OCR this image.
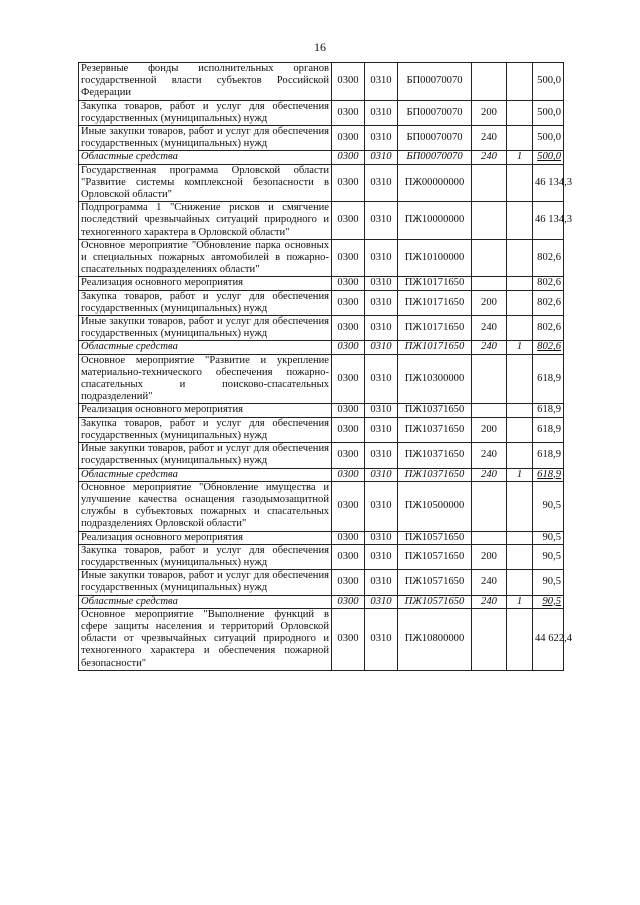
16
Резервные фонды исполнительных органов государственной власти субъектов Российской Федерации	0300	0310	БП00070070			500,0
Закупка товаров, работ и услуг для обеспечения государственных (муниципальных) нужд	0300	0310	БП00070070	200		500,0
Иные закупки товаров, работ и услуг для обеспечения государственных (муниципальных) нужд	0300	0310	БП00070070	240		500,0
Областные средства	0300	0310	БП00070070	240	1	500,0
Государственная программа Орловской области "Развитие системы комплексной безопасности в Орловской области"	0300	0310	ПЖ00000000			46 134,3
Подпрограмма 1 "Снижение рисков и смягчение последствий чрезвычайных ситуаций природного и техногенного характера в Орловской области"	0300	0310	ПЖ10000000			46 134,3
Основное мероприятие "Обновление парка основных и специальных пожарных автомобилей в пожарно-спасательных подразделениях области"	0300	0310	ПЖ10100000			802,6
Реализация основного мероприятия	0300	0310	ПЖ10171650			802,6
Закупка товаров, работ и услуг для обеспечения государственных (муниципальных) нужд	0300	0310	ПЖ10171650	200		802,6
Иные закупки товаров, работ и услуг для обеспечения государственных (муниципальных) нужд	0300	0310	ПЖ10171650	240		802,6
Областные средства	0300	0310	ПЖ10171650	240	1	802,6
Основное мероприятие "Развитие и укрепление материально-технического обеспечения пожарно-спасательных и поисково-спасательных подразделений"	0300	0310	ПЖ10300000			618,9
Реализация основного мероприятия	0300	0310	ПЖ10371650			618,9
Закупка товаров, работ и услуг для обеспечения государственных (муниципальных) нужд	0300	0310	ПЖ10371650	200		618,9
Иные закупки товаров, работ и услуг для обеспечения государственных (муниципальных) нужд	0300	0310	ПЖ10371650	240		618,9
Областные средства	0300	0310	ПЖ10371650	240	1	618,9
Основное мероприятие "Обновление имущества и улучшение качества оснащения газодымозащитной службы в субъектовых пожарных и спасательных подразделениях Орловской области"	0300	0310	ПЖ10500000			90,5
Реализация основного мероприятия	0300	0310	ПЖ10571650			90,5
Закупка товаров, работ и услуг для обеспечения государственных (муниципальных) нужд	0300	0310	ПЖ10571650	200		90,5
Иные закупки товаров, работ и услуг для обеспечения государственных (муниципальных) нужд	0300	0310	ПЖ10571650	240		90,5
Областные средства	0300	0310	ПЖ10571650	240	1	90,5
Основное мероприятие "Выполнение функций в сфере защиты населения и территорий Орловской области от чрезвычайных ситуаций природного и техногенного характера и обеспечения пожарной безопасности"	0300	0310	ПЖ10800000			44 622,4
